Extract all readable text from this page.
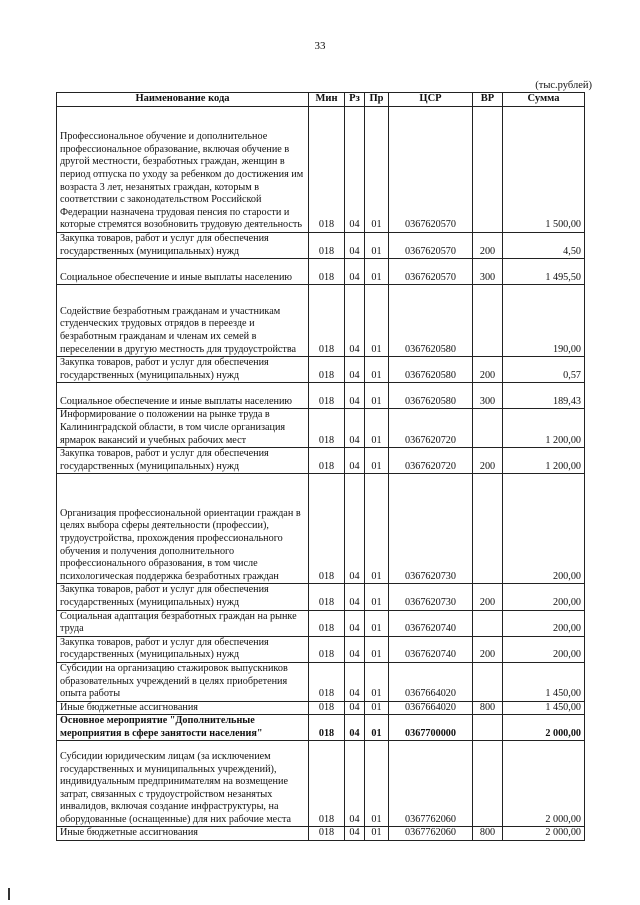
33
(тыс.рублей)
Наименование кода	Мин	Рз	Пр	ЦСР	ВР	Сумма
Профессиональное обучение и дополнительное профессиональное образование, включая обучение в другой местности, безработных граждан, женщин в период отпуска по уходу за ребенком до достижения им возраста 3 лет, незанятых граждан, которым в соответствии с законодательством Российской Федерации назначена трудовая пенсия по старости и которые стремятся возобновить трудовую деятельность	018	04	01	0367620570		1 500,00
Закупка товаров, работ и услуг для обеспечения государственных (муниципальных) нужд	018	04	01	0367620570	200	4,50
Социальное обеспечение и иные выплаты населению	018	04	01	0367620570	300	1 495,50
Содействие безработным гражданам и участникам студенческих трудовых отрядов в переезде и безработным гражданам и членам их семей в переселении в другую местность для трудоустройства	018	04	01	0367620580		190,00
Закупка товаров, работ и услуг для обеспечения государственных (муниципальных) нужд	018	04	01	0367620580	200	0,57
Социальное обеспечение и иные выплаты населению	018	04	01	0367620580	300	189,43
Информирование о положении на рынке труда в Калининградской области, в том числе организация ярмарок вакансий и учебных рабочих мест	018	04	01	0367620720		1 200,00
Закупка товаров, работ и услуг для обеспечения государственных (муниципальных) нужд	018	04	01	0367620720	200	1 200,00
Организация профессиональной ориентации граждан в целях выбора сферы деятельности (профессии), трудоустройства, прохождения профессионального обучения и получения дополнительного профессионального образования, в том числе психологическая поддержка безработных граждан	018	04	01	0367620730		200,00
Закупка товаров, работ и услуг для обеспечения государственных (муниципальных) нужд	018	04	01	0367620730	200	200,00
Социальная адаптация безработных граждан на рынке труда	018	04	01	0367620740		200,00
Закупка товаров, работ и услуг для обеспечения государственных (муниципальных) нужд	018	04	01	0367620740	200	200,00
Субсидии на организацию стажировок выпускников образовательных учреждений в целях приобретения опыта работы	018	04	01	0367664020		1 450,00
Иные бюджетные ассигнования	018	04	01	0367664020	800	1 450,00
Основное мероприятие "Дополнительные мероприятия в сфере занятости населения"	018	04	01	0367700000		2 000,00
Субсидии юридическим лицам (за исключением государственных и муниципальных учреждений), индивидуальным предпринимателям на возмещение затрат, связанных с трудоустройством незанятых инвалидов, включая создание инфраструктуры, на оборудованные (оснащенные) для них рабочие места	018	04	01	0367762060		2 000,00
Иные бюджетные ассигнования	018	04	01	0367762060	800	2 000,00
